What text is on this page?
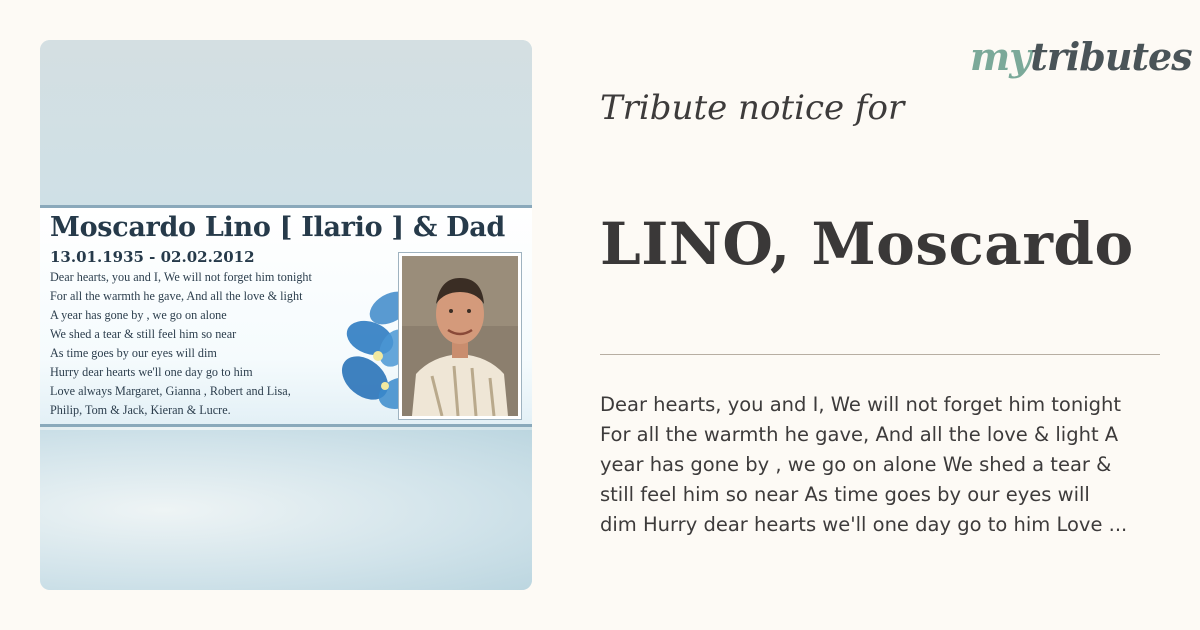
Moscardo Lino [ Ilario ] & Dad
13.01.1935 - 02.02.2012
Dear hearts, you and I, We will not forget him tonight
For all the warmth he gave, And all the love & light
A year has gone by , we go on alone
We shed a tear & still feel him so near
As time goes by our eyes will dim
Hurry dear hearts we'll one day go to him
Love always Margaret, Gianna , Robert and Lisa,
Philip, Tom & Jack, Kieran & Lucre.
mytributes
Tribute notice for
LINO, Moscardo
Dear hearts, you and I, We will not forget him tonight For all the warmth he gave, And all the love & light A year has gone by , we go on alone We shed a tear & still feel him so near As time goes by our eyes will dim Hurry dear hearts we'll one day go to him Love ...
